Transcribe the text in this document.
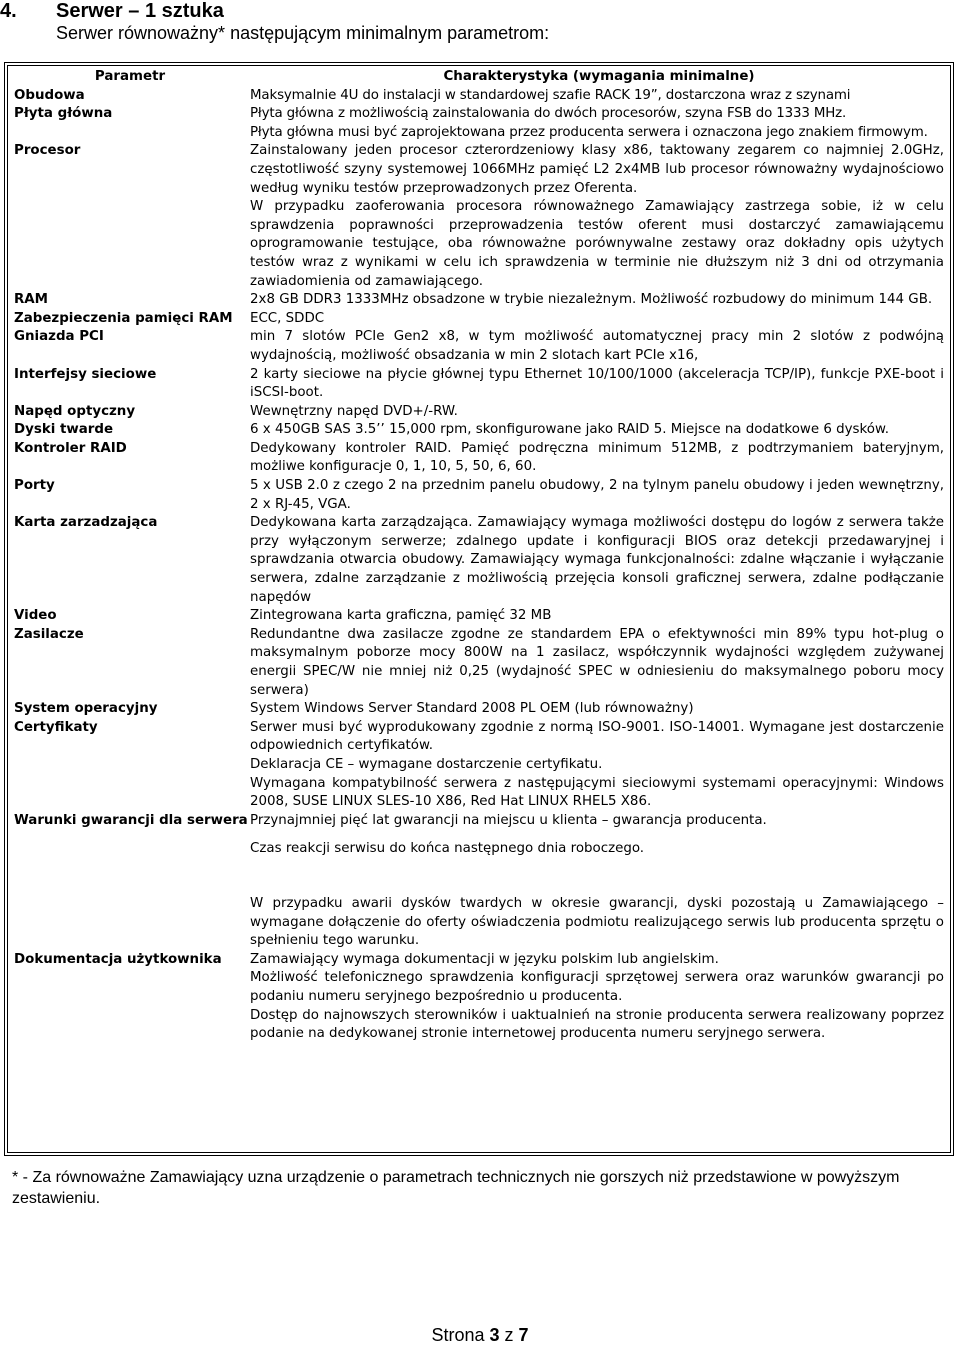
4. Serwer – 1 sztuka
Serwer równoważny* następującym minimalnym parametrom:
Parametr	Charakterystyka (wymagania minimalne)
Obudowa	Maksymalnie 4U do instalacji w standardowej szafie RACK 19”, dostarczona wraz z szynami
Płyta główna	Płyta główna z możliwością zainstalowania do dwóch procesorów, szyna FSB do 1333 MHz.
Płyta główna musi być zaprojektowana przez producenta serwera i oznaczona jego znakiem firmowym.

Procesor	Zainstalowany jeden procesor czterordzeniowy klasy x86, taktowany zegarem co najmniej 2.0GHz, częstotliwość szyny systemowej 1066MHz pamięć L2 2x4MB lub procesor równoważny wydajnościowo według wyniku testów przeprowadzonych przez Oferenta.
W przypadku zaoferowania procesora równoważnego Zamawiający zastrzega sobie, iż w celu sprawdzenia poprawności przeprowadzenia testów oferent musi dostarczyć zamawiającemu oprogramowanie testujące, oba równoważne porównywalne zestawy oraz dokładny opis użytych testów wraz z wynikami w celu ich sprawdzenia w terminie nie dłuższym niż 3 dni od otrzymania zawiadomienia od zamawiającego.

RAM	2x8 GB DDR3 1333MHz obsadzone w trybie niezależnym. Możliwość rozbudowy do minimum 144 GB.

Zabezpieczenia pamięci RAM	ECC, SDDC

Gniazda PCI	min 7 slotów PCIe Gen2 x8, w tym możliwość automatycznej pracy min 2 slotów z podwójną wydajnością, możliwość obsadzania w min 2 slotach kart PCIe x16,

Interfejsy sieciowe	2 karty sieciowe na płycie głównej typu Ethernet 10/100/1000 (akceleracja TCP/IP), funkcje PXE-boot i iSCSI-boot.

Napęd optyczny	Wewnętrzny napęd DVD+/-RW.

Dyski twarde	6 x 450GB SAS 3.5’’ 15,000 rpm, skonfigurowane jako RAID 5. Miejsce na dodatkowe 6 dysków.

Kontroler RAID	Dedykowany kontroler RAID. Pamięć podręczna minimum 512MB, z podtrzymaniem bateryjnym, możliwe konfiguracje 0, 1, 10, 5, 50, 6, 60.

Porty	5 x USB 2.0 z czego 2 na przednim panelu obudowy, 2 na tylnym panelu obudowy i jeden wewnętrzny, 2 x RJ-45, VGA.

Karta zarzadzająca	Dedykowana karta zarządzająca. Zamawiający wymaga możliwości dostępu do logów z serwera także przy wyłączonym serwerze; zdalnego update i konfiguracji BIOS oraz detekcji przedawaryjnej i sprawdzania otwarcia obudowy. Zamawiający wymaga funkcjonalności: zdalne włączanie i wyłączanie serwera, zdalne zarządzanie z możliwością przejęcia konsoli graficznej serwera, zdalne podłączanie napędów

Video	Zintegrowana karta graficzna, pamięć 32 MB

Zasilacze	Redundantne dwa zasilacze zgodne ze standardem EPA o efektywności min 89% typu hot-plug o maksymalnym poborze mocy 800W na 1 zasilacz, współczynnik wydajności względem zużywanej energii SPEC/W nie mniej niż 0,25 (wydajność SPEC w odniesieniu do maksymalnego poboru mocy serwera)

System operacyjny	System Windows Server Standard 2008 PL OEM (lub równoważny)

Certyfikaty	Serwer musi być wyprodukowany zgodnie z normą ISO-9001. ISO-14001. Wymagane jest dostarczenie odpowiednich certyfikatów.
Deklaracja CE – wymagane dostarczenie certyfikatu.
Wymagana kompatybilność serwera z następującymi sieciowymi systemami operacyjnymi: Windows 2008, SUSE LINUX SLES-10 X86, Red Hat LINUX RHEL5 X86.

Warunki gwarancji dla serwera	Przynajmniej pięć lat gwarancji na miejscu u klienta – gwarancja producenta.
Czas reakcji serwisu do końca następnego dnia roboczego.
W przypadku awarii dysków twardych w okresie gwarancji, dyski pozostają u Zamawiającego – wymagane dołączenie do oferty oświadczenia podmiotu realizującego serwis lub producenta sprzętu o spełnieniu tego warunku.

Dokumentacja użytkownika	Zamawiający wymaga dokumentacji w języku polskim lub angielskim.
Możliwość telefonicznego sprawdzenia konfiguracji sprzętowej serwera oraz warunków gwarancji po podaniu numeru seryjnego bezpośrednio u producenta.
Dostęp do najnowszych sterowników i uaktualnień na stronie producenta serwera realizowany poprzez podanie na dedykowanej stronie internetowej producenta numeru seryjnego serwera.
* - Za równoważne Zamawiający uzna urządzenie o parametrach technicznych nie gorszych niż przedstawione w powyższym zestawieniu.
Strona 3 z 7
